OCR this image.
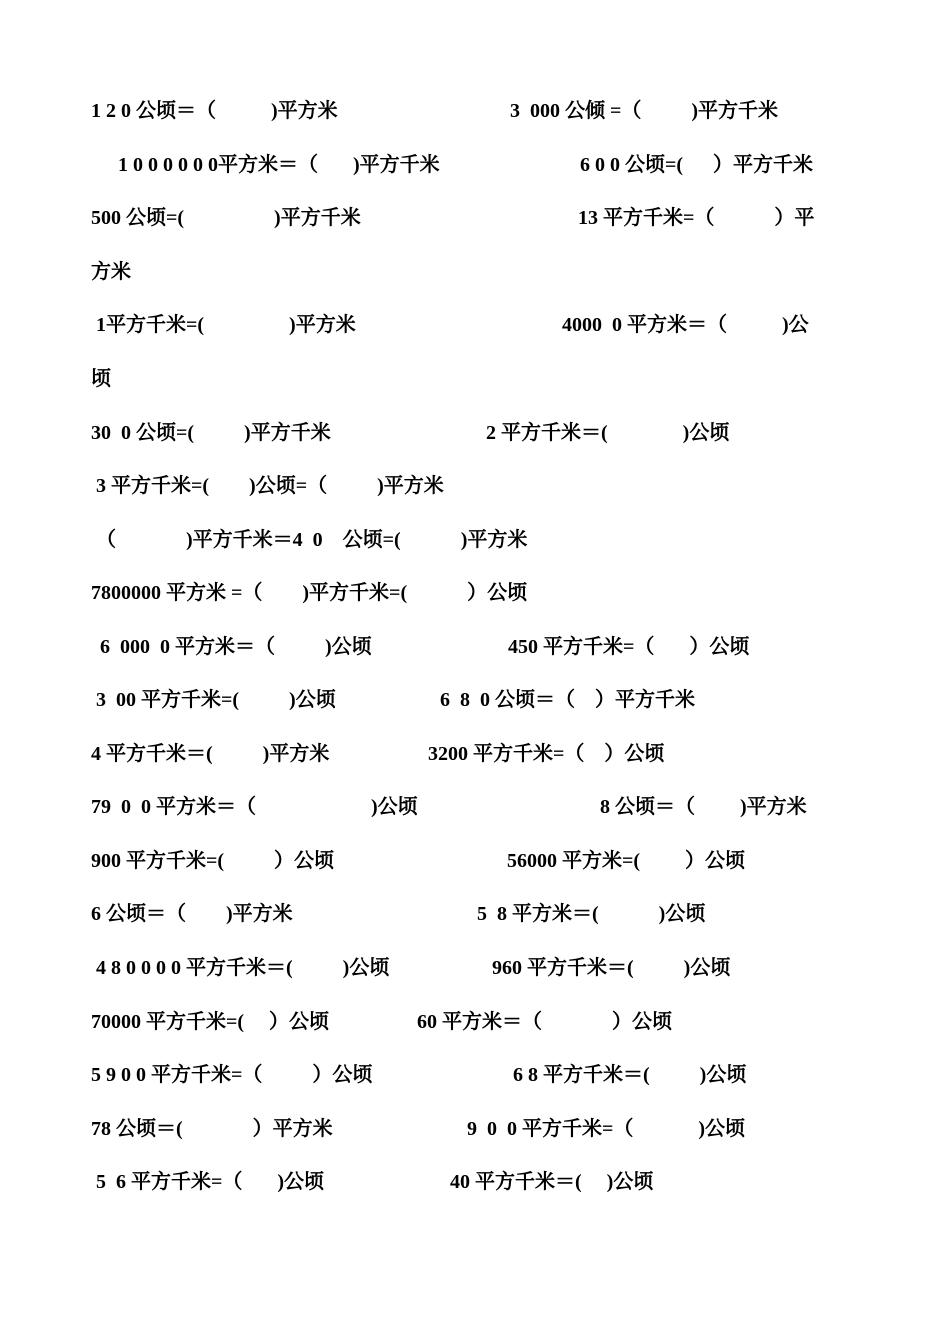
1 2 0 公顷＝（           )平方米	3  000 公倾 =（          )平方千米
1 0 0 0 0 0 0平方米＝（       )平方千米	6 0 0 公顷=(      ）平方千米
500 公顷=(                  )平方千米	13 平方千米=（            ）平
方米
1平方千米=(                 )平方米	4000  0 平方米＝（           )公
顷
30  0 公顷=(          )平方千米	2 平方千米＝(               )公顷
3 平方千米=(        )公顷=（          )平方米
（              )平方千米＝4  0    公顷=(            )平方米
7800000 平方米 =（        )平方千米=(            ）公顷
6  000  0 平方米＝（          )公顷	450 平方千米=（       ）公顷
3  00 平方千米=(          )公顷	6  8  0 公顷＝（    ）平方千米
4 平方千米＝(          )平方米	3200 平方千米=（    ）公顷
79  0  0 平方米＝（                       )公顷	8 公顷＝（         )平方米
900 平方千米=(          ）公顷	56000 平方米=(         ）公顷
6 公顷＝（        )平方米	5  8 平方米＝(            )公顷
4 8 0 0 0 0 平方千米＝(          )公顷	960 平方千米＝(          )公顷
70000 平方千米=(     ）公顷	60 平方米＝（              ）公顷
5 9 0 0 平方千米=（          ）公顷	6 8 平方千米＝(          )公顷
78 公顷＝(              ）平方米	9  0  0 平方千米=（             )公顷
5  6 平方千米=（       )公顷	40 平方千米＝(     )公顷
